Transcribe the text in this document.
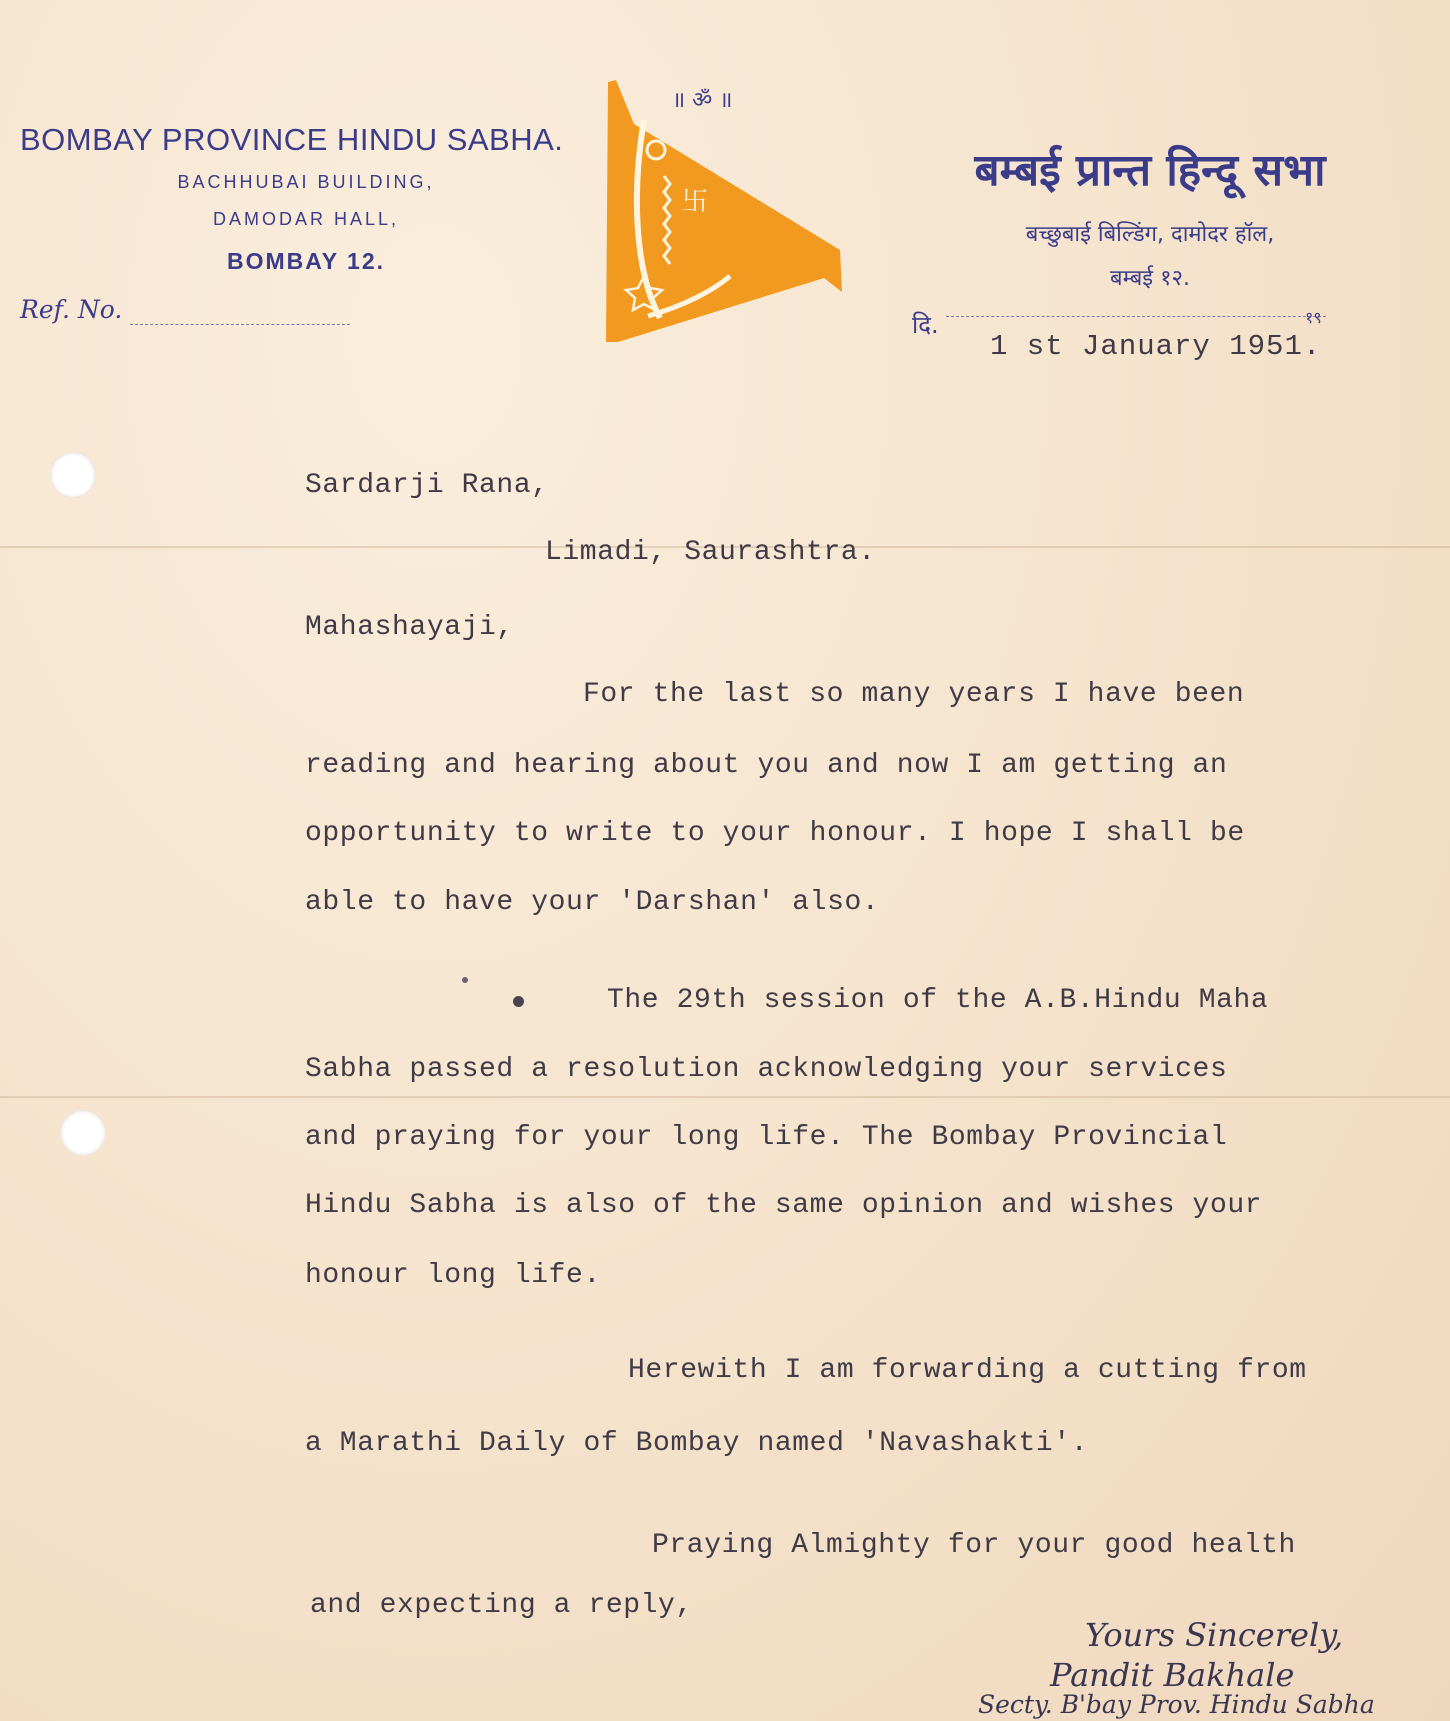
BOMBAY PROVINCE HINDU SABHA.
BACHHUBAI BUILDING,
DAMODAR HALL,
BOMBAY 12.
Ref. No.
॥ ॐ ॥
卐
बम्बई प्रान्त हिन्दू सभा
बच्छुबाई बिल्डिंग, दामोदर हॉल,
बम्बई १२.
दि.	१९
1 st January 1951.
Sardarji Rana,
Limadi, Saurashtra.
Mahashayaji,
For the last so many years I have been
reading and hearing about you and now I am getting an
opportunity to write to your honour. I hope I shall be
able to have your 'Darshan' also.
The 29th session of the A.B.Hindu Maha
Sabha passed a resolution acknowledging your services
and praying for your long life. The Bombay Provincial
Hindu Sabha is also of the same opinion and wishes your
honour long life.
Herewith I am forwarding a cutting from
a Marathi Daily of Bombay named 'Navashakti'.
Praying Almighty for your good health
and expecting a reply,
Yours Sincerely,
Pandit Bakhale
Secty. B'bay Prov. Hindu Sabha
